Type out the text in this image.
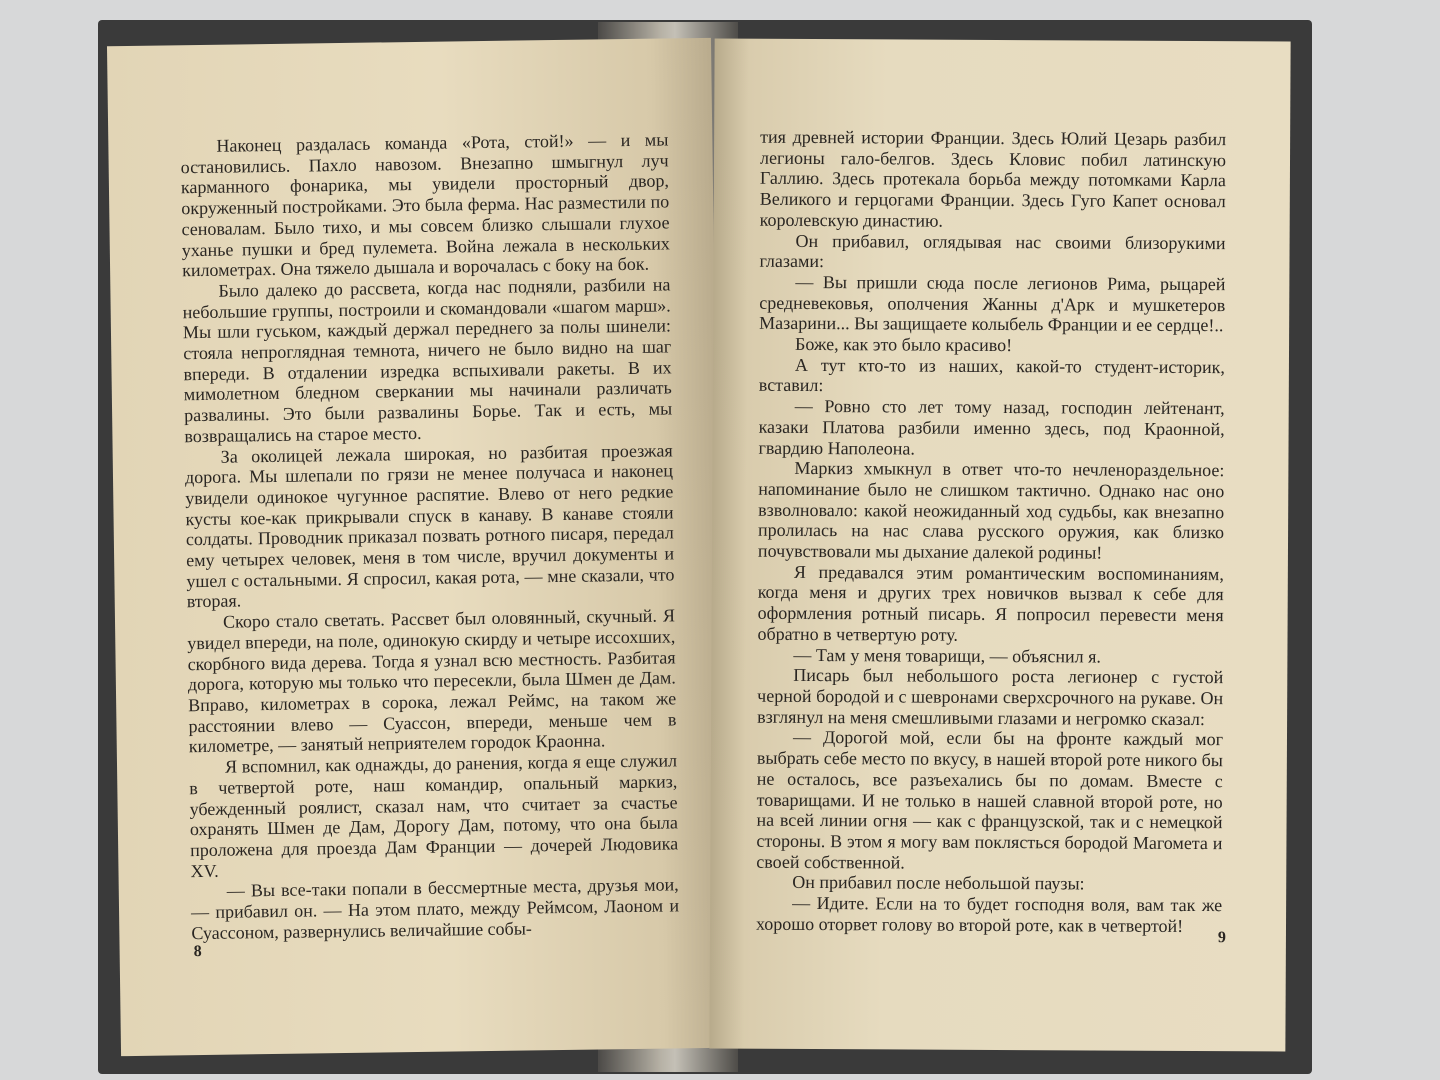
Наконец раздалась команда «Рота, стой!» — и мы остановились. Пахло навозом. Внезапно шмыгнул луч карманного фонарика, мы увидели просторный двор, окруженный постройками. Это была ферма. Нас разместили по сеновалам. Было тихо, и мы совсем близко слышали глухое уханье пушки и бред пулемета. Война лежала в нескольких километрах. Она тяжело дышала и ворочалась с боку на бок.

Было далеко до рассвета, когда нас подняли, разбили на небольшие группы, построили и скомандовали «шагом марш». Мы шли гуськом, каждый держал переднего за полы шинели: стояла непроглядная темнота, ничего не было видно на шаг впереди. В отдалении изредка вспыхивали ракеты. В их мимолетном бледном сверкании мы начинали различать развалины. Это были развалины Борье. Так и есть, мы возвращались на старое место.

За околицей лежала широкая, но разбитая проезжая дорога. Мы шлепали по грязи не менее получаса и наконец увидели одинокое чугунное распятие. Влево от него редкие кусты кое-как прикрывали спуск в канаву. В канаве стояли солдаты. Проводник приказал позвать ротного писаря, передал ему четырех человек, меня в том числе, вручил документы и ушел с остальными. Я спросил, какая рота, — мне сказали, что вторая.

Скоро стало светать. Рассвет был оловянный, скучный. Я увидел впереди, на поле, одинокую скирду и четыре иссохших, скорбного вида дерева. Тогда я узнал всю местность. Разбитая дорога, которую мы только что пересекли, была Шмен де Дам. Вправо, километрах в сорока, лежал Реймс, на таком же расстоянии влево — Суассон, впереди, меньше чем в километре, — занятый неприятелем городок Краонна.

Я вспомнил, как однажды, до ранения, когда я еще служил в четвертой роте, наш командир, опальный маркиз, убежденный роялист, сказал нам, что считает за счастье охранять Шмен де Дам, Дорогу Дам, потому, что она была проложена для проезда Дам Франции — дочерей Людовика XV.

— Вы все-таки попали в бессмертные места, друзья мои, — прибавил он. — На этом плато, между Реймсом, Лаоном и Суассоном, развернулись величайшие собы-

8

тия древней истории Франции. Здесь Юлий Цезарь разбил легионы гало-белгов. Здесь Кловис побил латинскую Галлию. Здесь протекала борьба между потомками Карла Великого и герцогами Франции. Здесь Гуго Капет основал королевскую династию.

Он прибавил, оглядывая нас своими близорукими глазами:

— Вы пришли сюда после легионов Рима, рыцарей средневековья, ополчения Жанны д'Арк и мушкетеров Мазарини... Вы защищаете колыбель Франции и ее сердце!..

Боже, как это было красиво!

А тут кто-то из наших, какой-то студент-историк, вставил:

— Ровно сто лет тому назад, господин лейтенант, казаки Платова разбили именно здесь, под Краонной, гвардию Наполеона.

Маркиз хмыкнул в ответ что-то нечленораздельное: напоминание было не слишком тактично. Однако нас оно взволновало: какой неожиданный ход судьбы, как внезапно пролилась на нас слава русского оружия, как близко почувствовали мы дыхание далекой родины!

Я предавался этим романтическим воспоминаниям, когда меня и других трех новичков вызвал к себе для оформления ротный писарь. Я попросил перевести меня обратно в четвертую роту.

— Там у меня товарищи, — объяснил я.

Писарь был небольшого роста легионер с густой черной бородой и с шевронами сверхсрочного на рукаве. Он взглянул на меня смешливыми глазами и негромко сказал:

— Дорогой мой, если бы на фронте каждый мог выбрать себе место по вкусу, в нашей второй роте никого бы не осталось, все разъехались бы по домам. Вместе с товарищами. И не только в нашей славной второй роте, но на всей линии огня — как с французской, так и с немецкой стороны. В этом я могу вам поклясться бородой Магомета и своей собственной.

Он прибавил после небольшой паузы:

— Идите. Если на то будет господня воля, вам так же хорошо оторвет голову во второй роте, как в четвертой!

9
